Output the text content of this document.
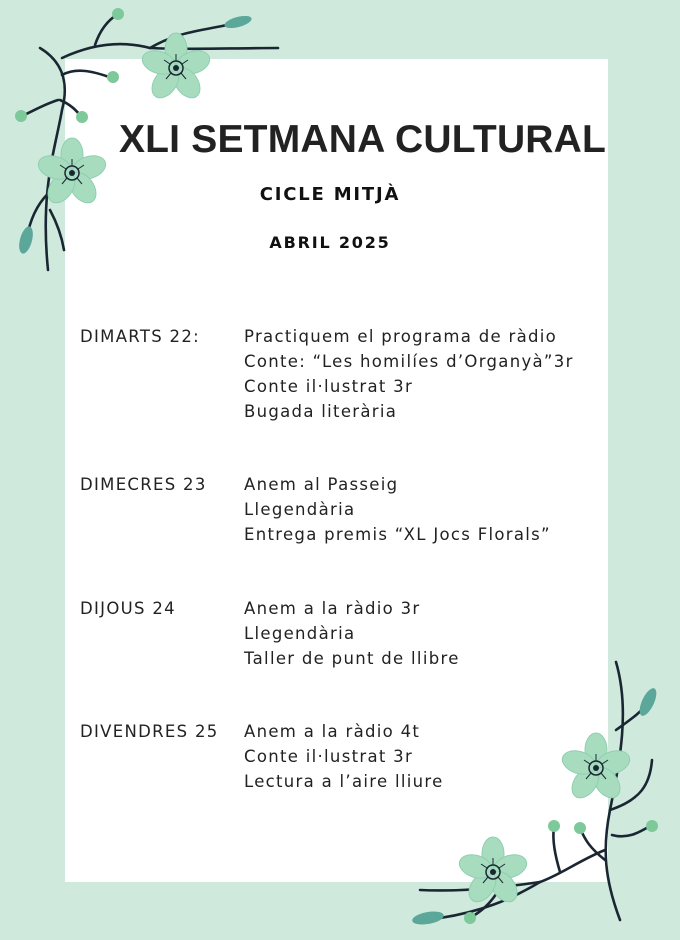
XLI SETMANA CULTURAL
CICLE MITJÀ
ABRIL 2025
DIMARTS 22:	Practiquem el programa de ràdio
Conte: “Les homilíes d’Organyà”3r
Conte il·lustrat 3r
Bugada literària
DIMECRES 23 Anem al Passeig
Llegendària
Entrega premis “XL Jocs Florals”
DIJOUS 24	Anem a la ràdio 3r
Llegendària
Taller de punt de llibre
DIVENDRES 25 Anem a la ràdio 4t
Conte il·lustrat 3r
Lectura a l’aire lliure
